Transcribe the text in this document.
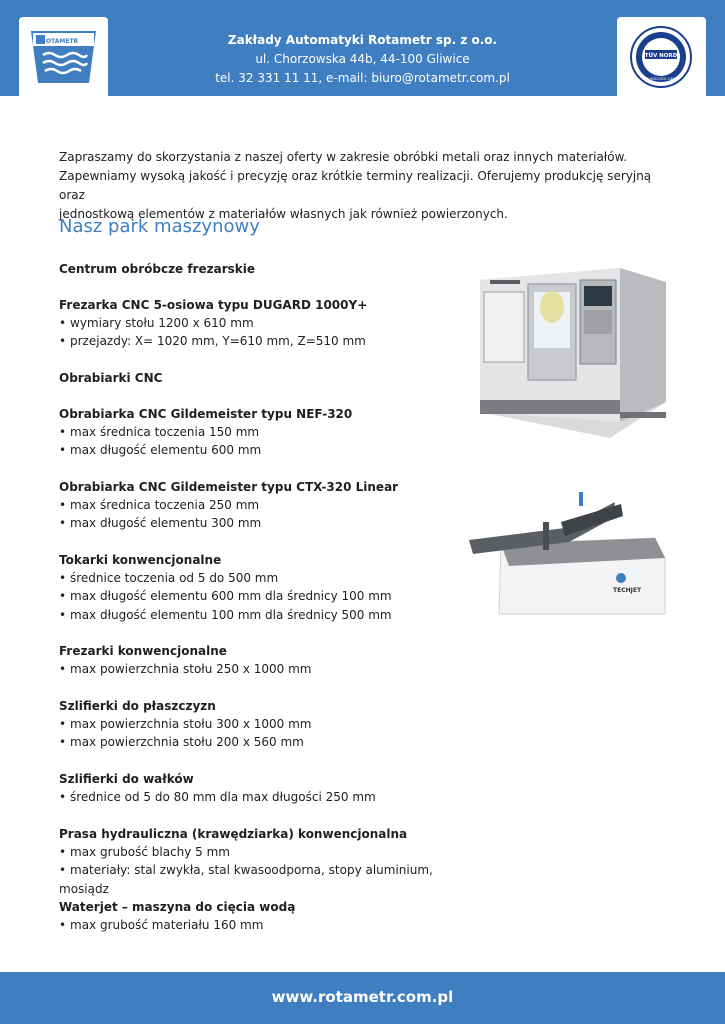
OTAMETR	Zakłady Automatyki Rotametr sp. z o.o.
ul. Chorzowska 44b, 44-100 Gliwice
tel. 32 331 11 11, e-mail: biuro@rotametr.com.pl
TÜV NORD
ISO 9001/ISO 14001

Zapraszamy do skorzystania z naszej oferty w zakresie obróbki metali oraz innych materiałów.

Zapewniamy wysoką jakość i precyzję oraz krótkie terminy realizacji. Oferujemy produkcję seryjną oraz

jednostkową elementów z materiałów własnych jak również powierzonych.

Nasz park maszynowy
Centrum obróbcze frezarskie
Frezarka CNC 5-osiowa typu DUGARD 1000Y+
• wymiary stołu 1200 x 610 mm
• przejazdy: X= 1020 mm, Y=610 mm, Z=510 mm
Obrabiarki CNC
Obrabiarka CNC Gildemeister typu NEF-320
• max średnica toczenia 150 mm
• max długość elementu 600 mm
Obrabiarka CNC Gildemeister typu CTX-320 Linear
• max średnica toczenia 250 mm
• max długość elementu 300 mm
Tokarki konwencjonalne
• średnice toczenia od 5 do 500 mm
• max długość elementu 600 mm dla średnicy 100 mm
• max długość elementu 100 mm dla średnicy 500 mm
Frezarki konwencjonalne
• max powierzchnia stołu 250 x 1000 mm
Szlifierki do płaszczyzn
• max powierzchnia stołu 300 x 1000 mm
• max powierzchnia stołu 200 x 560 mm
Szlifierki do wałków
• średnice od 5 do 80 mm dla max długości 250 mm
Prasa hydrauliczna (krawędziarka) konwencjonalna
• max grubość blachy 5 mm
• materiały: stal zwykła, stal kwasoodporna, stopy aluminium, mosiądz
Waterjet – maszyna do cięcia wodą
• max grubość materiału 160 mm
TECHJET
www.rotametr.com.pl
